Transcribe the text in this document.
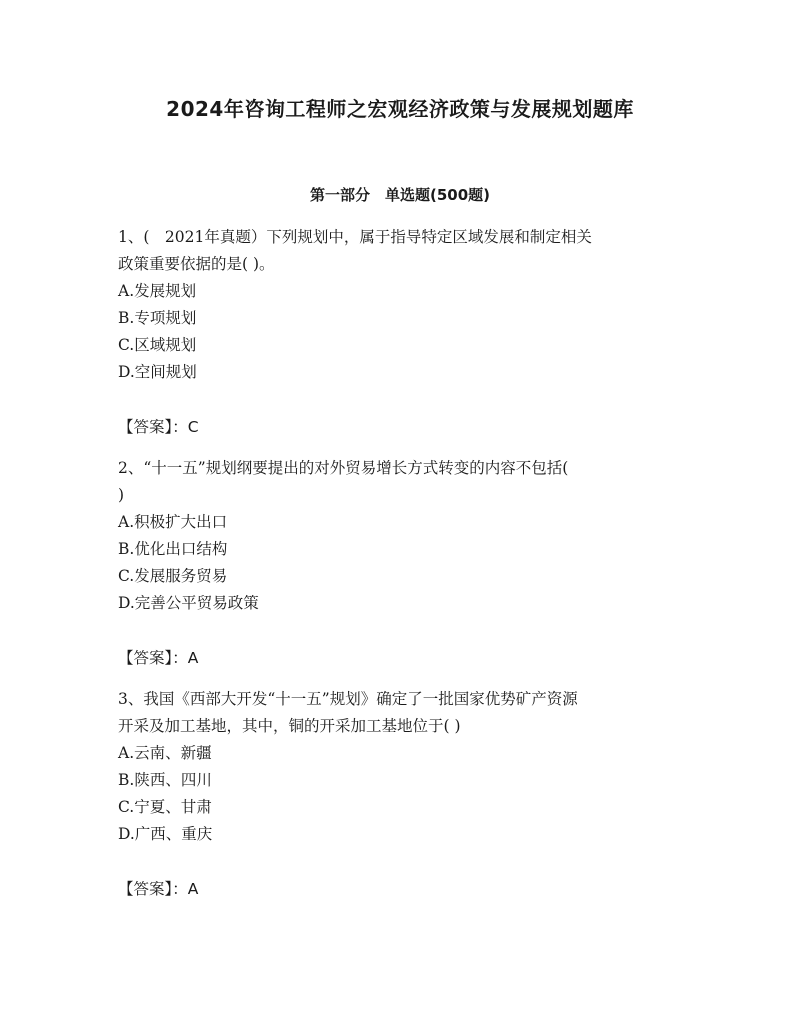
2024年咨询工程师之宏观经济政策与发展规划题库
第一部分　单选题(500题)
1、(　2021年真题）下列规划中，属于指导特定区域发展和制定相关
政策重要依据的是( )。
A.发展规划
B.专项规划
C.区域规划
D.空间规划
【答案】：C
2、“十一五”规划纲要提出的对外贸易增长方式转变的内容不包括(
)
A.积极扩大出口
B.优化出口结构
C.发展服务贸易
D.完善公平贸易政策
【答案】：A
3、我国《西部大开发“十一五”规划》确定了一批国家优势矿产资源
开采及加工基地，其中，铜的开采加工基地位于( )
A.云南、新疆
B.陕西、四川
C.宁夏、甘肃
D.广西、重庆
【答案】：A
